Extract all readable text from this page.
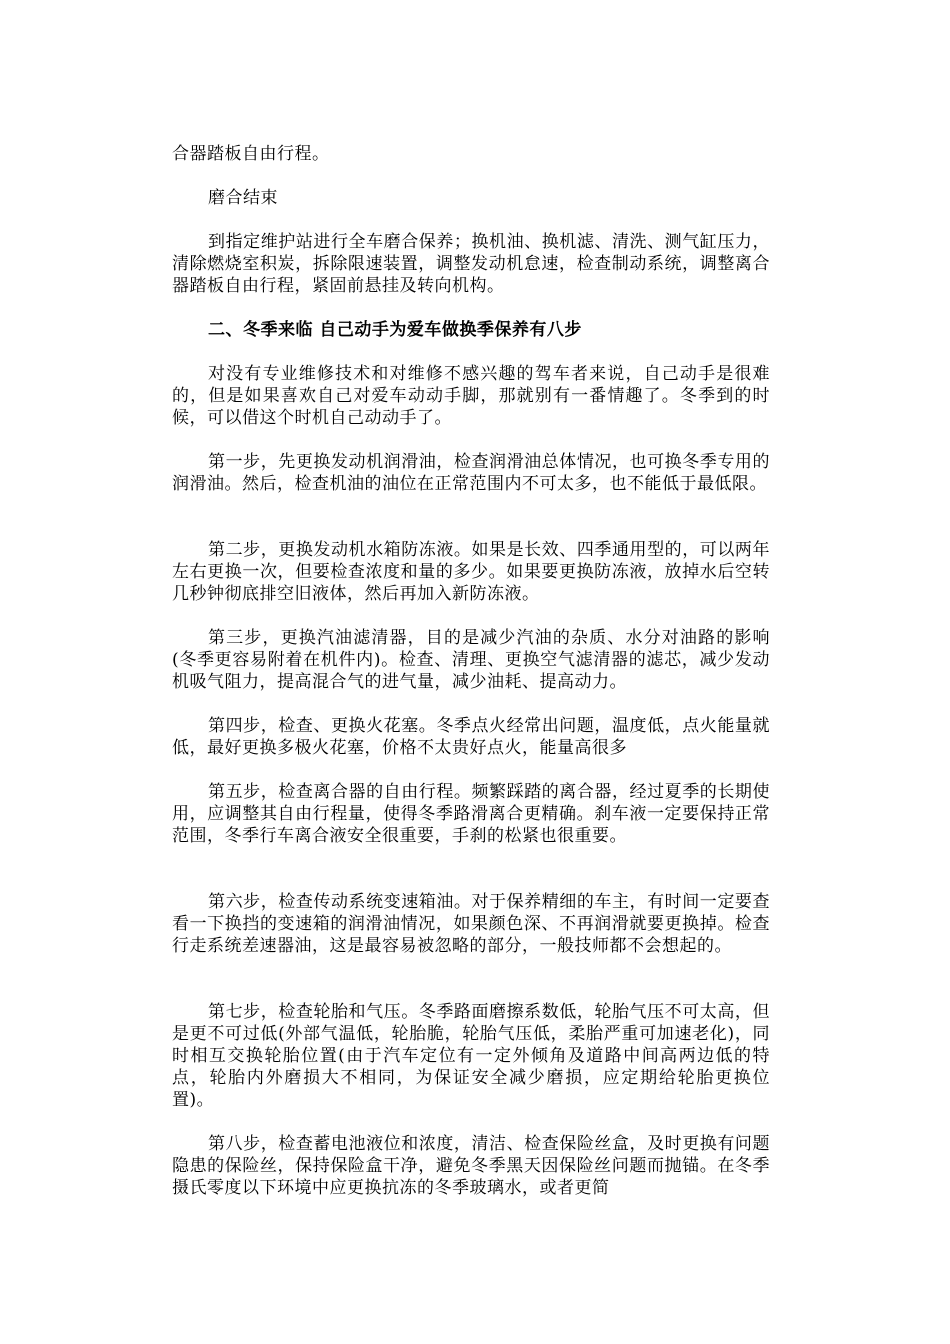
合器踏板自由行程。

磨合结束

到指定维护站进行全车磨合保养；换机油、换机滤、清洗、测气缸压力，清除燃烧室积炭，拆除限速装置，调整发动机怠速，检查制动系统，调整离合器踏板自由行程，紧固前悬挂及转向机构。

二、冬季来临 自己动手为爱车做换季保养有八步

对没有专业维修技术和对维修不感兴趣的驾车者来说，自己动手是很难的，但是如果喜欢自己对爱车动动手脚，那就别有一番情趣了。冬季到的时候，可以借这个时机自己动动手了。

第一步，先更换发动机润滑油，检查润滑油总体情况，也可换冬季专用的润滑油。然后，检查机油的油位在正常范围内不可太多，也不能低于最低限。

第二步，更换发动机水箱防冻液。如果是长效、四季通用型的，可以两年左右更换一次，但要检查浓度和量的多少。如果要更换防冻液，放掉水后空转几秒钟彻底排空旧液体，然后再加入新防冻液。

第三步，更换汽油滤清器，目的是减少汽油的杂质、水分对油路的影响(冬季更容易附着在机件内)。检查、清理、更换空气滤清器的滤芯，减少发动机吸气阻力，提高混合气的进气量，减少油耗、提高动力。

第四步，检查、更换火花塞。冬季点火经常出问题，温度低，点火能量就低，最好更换多极火花塞，价格不太贵好点火，能量高很多

第五步，检查离合器的自由行程。频繁踩踏的离合器，经过夏季的长期使用，应调整其自由行程量，使得冬季路滑离合更精确。刹车液一定要保持正常范围，冬季行车离合液安全很重要，手刹的松紧也很重要。

第六步，检查传动系统变速箱油。对于保养精细的车主，有时间一定要查看一下换挡的变速箱的润滑油情况，如果颜色深、不再润滑就要更换掉。检查行走系统差速器油，这是最容易被忽略的部分，一般技师都不会想起的。

第七步，检查轮胎和气压。冬季路面磨擦系数低，轮胎气压不可太高，但是更不可过低(外部气温低，轮胎脆，轮胎气压低，柔胎严重可加速老化)，同时相互交换轮胎位置(由于汽车定位有一定外倾角及道路中间高两边低的特点，轮胎内外磨损大不相同，为保证安全减少磨损，应定期给轮胎更换位置)。

第八步，检查蓄电池液位和浓度，清洁、检查保险丝盒，及时更换有问题隐患的保险丝，保持保险盒干净，避免冬季黑天因保险丝问题而抛锚。在冬季摄氏零度以下环境中应更换抗冻的冬季玻璃水，或者更简
